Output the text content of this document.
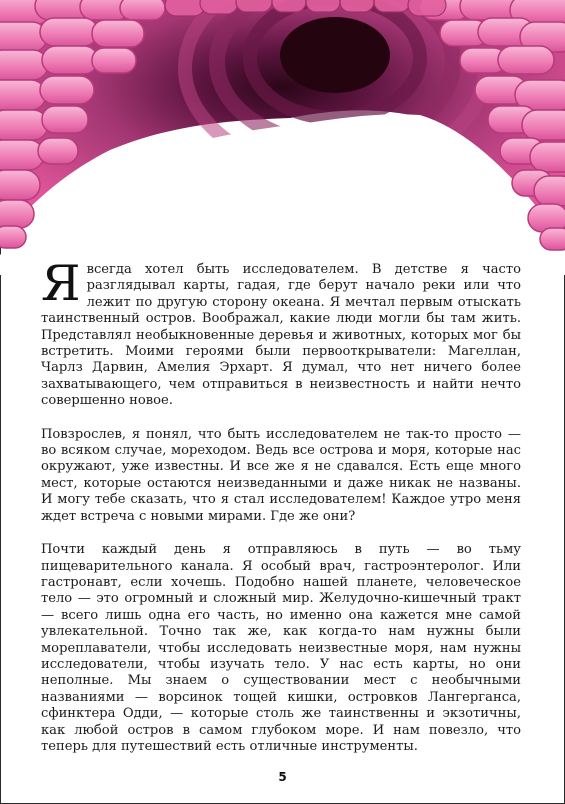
Я всегда хотел быть исследователем. В детстве я часто разглядывал карты, гадая, где берут начало реки или что лежит по другую сторону океана. Я мечтал первым отыскать таинственный остров. Воображал, какие люди могли бы там жить. Представлял необыкновенные деревья и животных, которых мог бы встретить. Моими героями были первооткрыватели: Магеллан, Чарлз Дарвин, Амелия Эрхарт. Я думал, что нет ничего более захватывающего, чем отправиться в неизвестность и найти нечто совершенно новое.

Повзрослев, я понял, что быть исследователем не так-то просто — во всяком случае, мореходом. Ведь все острова и моря, которые нас окружают, уже известны. И все же я не сдавался. Есть еще много мест, которые остаются неизведанными и даже никак не названы. И могу тебе сказать, что я стал исследователем! Каждое утро меня ждет встреча с новыми мирами. Где же они?

Почти каждый день я отправляюсь в путь — во тьму пищеварительного канала. Я особый врач, гастроэнтеролог. Или гастронавт, если хочешь. Подобно нашей планете, человеческое тело — это огромный и сложный мир. Желудочно-кишечный тракт — всего лишь одна его часть, но именно она кажется мне самой увлекательной. Точно так же, как когда-то нам нужны были мореплаватели, чтобы исследовать неизвестные моря, нам нужны исследователи, чтобы изучать тело. У нас есть карты, но они неполные. Мы знаем о существовании мест с необычными названиями — ворсинок тощей кишки, островков Лангерганса, сфинктера Одди, — которые столь же таинственны и экзотичны, как любой остров в самом глубоком море. И нам повезло, что теперь для путешествий есть отличные инструменты.

5
